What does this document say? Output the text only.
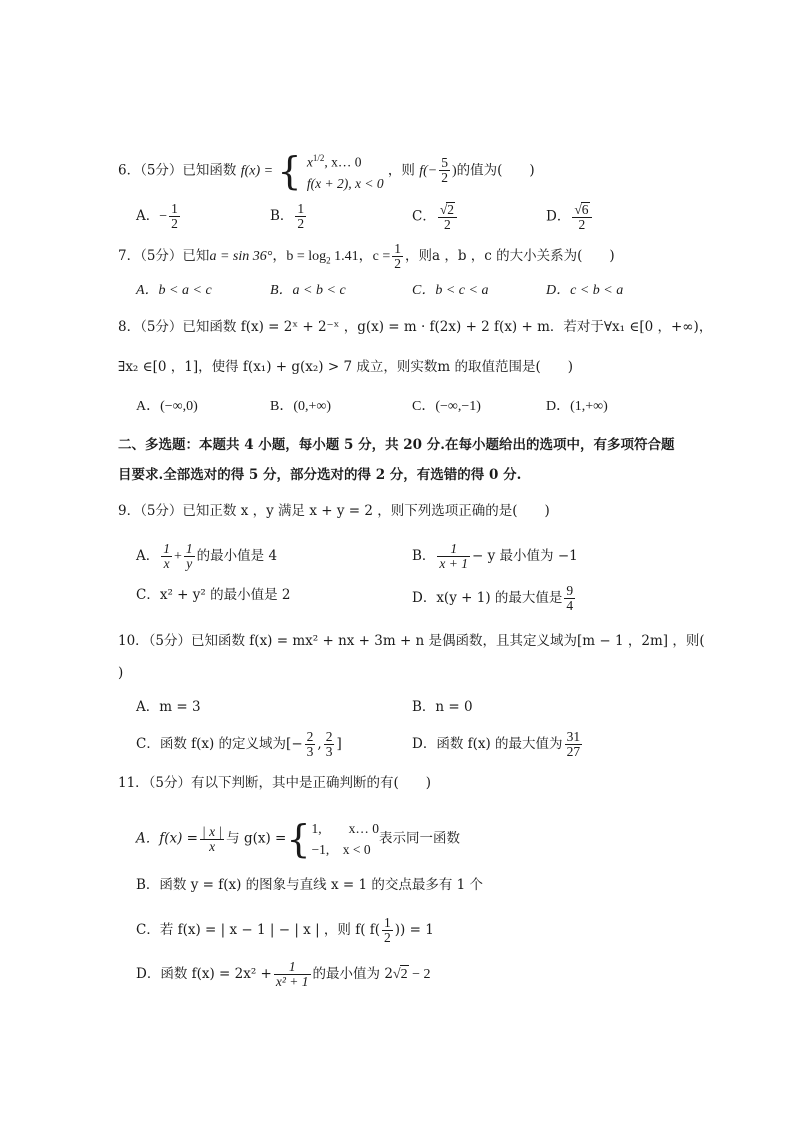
6．（5分）已知函数 f(x) = { $x^{1/2}$, x… 0
f(x + 2), x < 0
，则 $f(- \frac{5}{2}$ )的值为(　　)
A．− $\frac{1}{2}$	B． $\frac{1}{2}$	C． $\frac{√2}{2}$	D． $\frac{√6}{2}$
7．（5分）已知a = sin 36°，$b = \log_2 1.41$，$c = \frac{1}{2}$ ，则a ，b ，c 的大小关系为(　　)
A．b < a < c	B．a < b < c	C．b < c < a	D．c < b < a
8．（5分）已知函数 f(x) = 2ˣ + 2⁻ˣ ，g(x) = m · f(2x) + 2 f(x) + m．若对于∀x₁ ∈[0 ，+∞)，
∃x₂ ∈[0 ，1]，使得 f(x₁) + g(x₂) > 7 成立，则实数m 的取值范围是(　　)
A．(−∞,0)	B．(0,+∞)	C．(−∞,−1)	D．(1,+∞)
二、多选题：本题共 4 小题，每小题 5 分，共 20 分.在每小题给出的选项中，有多项符合题
目要求.全部选对的得 5 分，部分选对的得 2 分，有选错的得 0 分.
9．（5分）已知正数 x ，y 满足 x + y = 2 ，则下列选项正确的是(　　)
A． $\frac{1}{x} + \frac{1}{y}$ 的最小值是 4	B． $\frac{1}{x + 1} - y$ 最小值为 −1
C．x² + y² 的最小值是 2	D．x(y + 1) 的最大值是 $\frac{9}{4}$
10．（5分）已知函数 f(x) = mx² + nx + 3m + n 是偶函数，且其定义域为[m − 1 ，2m] ，则(
)
A．m = 3	B．n = 0
C．函数 f(x) 的定义域为[− $\frac{2}{3}$ , $\frac{2}{3}$ ]	D．函数 f(x) 的最大值为 $\frac{31}{27}$
11．（5分）有以下判断，其中是正确判断的有(　　)
A．$f(x) = \frac{| x |}{x}$ 与 g(x) ={ 1,　　x… 0
−1,　x < 0
表示同一函数
B．函数 y = f(x) 的图象与直线 x = 1 的交点最多有 1 个
C．若 f(x) = | x − 1 | − | x | ，则 f( $f( \frac{1}{2}$ )) = 1
D．函数 $f(x) = 2x^2 + \frac{1}{\text{x² + 1}}$ 的最小值为 2√2 − 2
